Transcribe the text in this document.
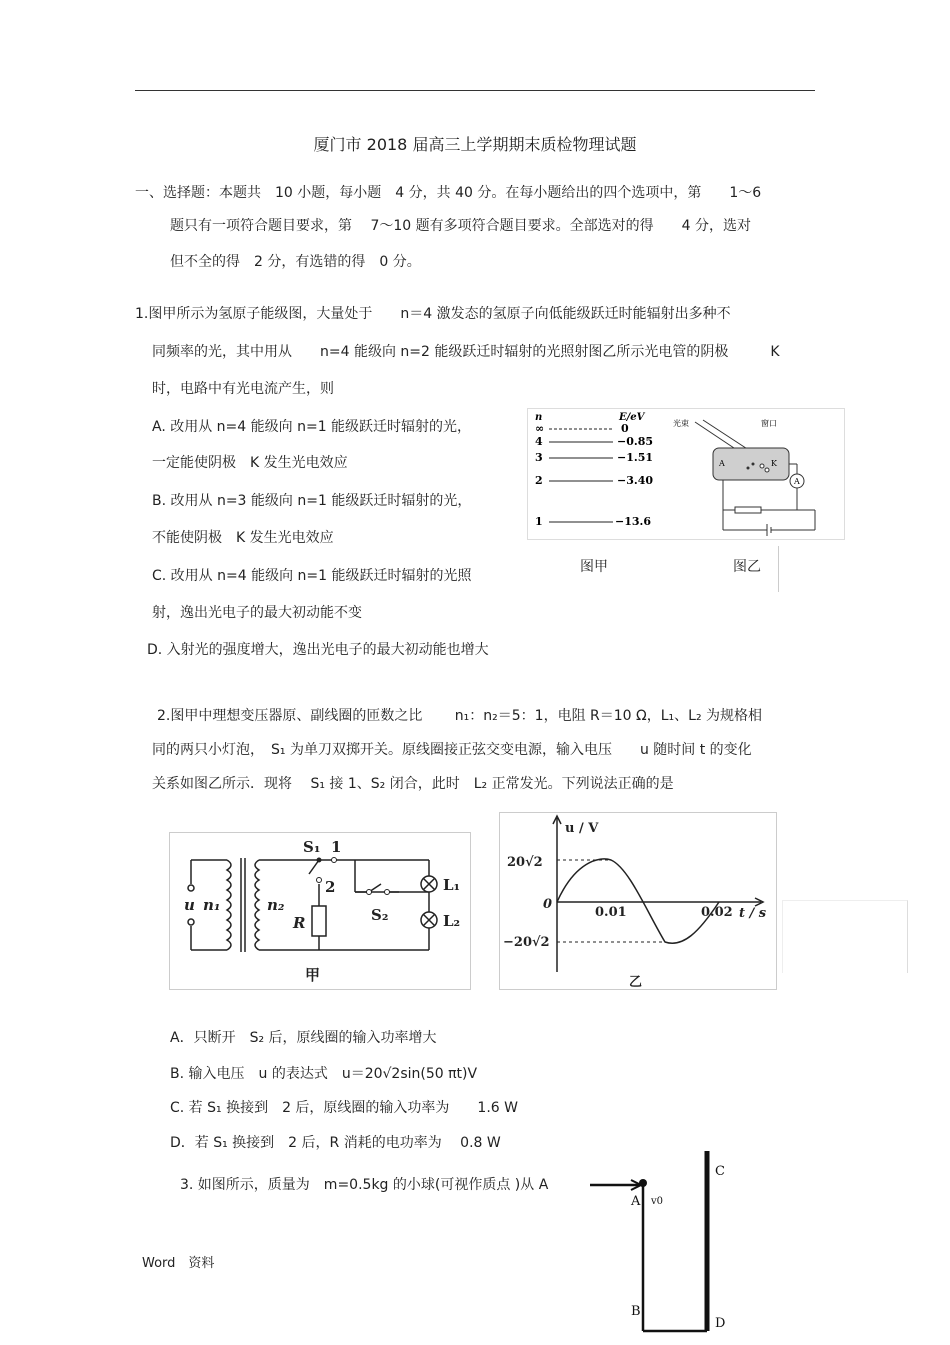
厦门市 2018 届高三上学期期末质检物理试题
一、选择题：本题共　10 小题，每小题　4 分，共 40 分。在每小题给出的四个选项中，第　　1～6
题只有一项符合题目要求，第　 7～10 题有多项符合题目要求。全部选对的得　　4 分，选对
但不全的得　2 分，有选错的得　0 分。
1.图甲所示为氢原子能级图，大量处于　　n＝4 激发态的氢原子向低能级跃迁时能辐射出多种不
同频率的光，其中用从　　n=4 能级向 n=2 能级跃迁时辐射的光照射图乙所示光电管的阴极　　　K
时，电路中有光电流产生，则
A. 改用从 n=4 能级向 n=1 能级跃迁时辐射的光，
一定能使阴极　K 发生光电效应
B. 改用从 n=3 能级向 n=1 能级跃迁时辐射的光，
不能使阴极　K 发生光电效应
C. 改用从 n=4 能级向 n=1 能级跃迁时辐射的光照
射，逸出光电子的最大初动能不变
D. 入射光的强度增大，逸出光电子的最大初动能也增大
n	E/eV
∞	0
4	−0.85
3	−1.51
2	−3.40
1	−13.6
光束	窗口
A	K
A
图甲	图乙
2.图甲中理想变压器原、副线圈的匝数之比　　 n₁：n₂＝5：1，电阻 R＝10 Ω，L₁、L₂ 为规格相
同的两只小灯泡，　S₁ 为单刀双掷开关。原线圈接正弦交变电源，输入电压　　u 随时间 t 的变化
关系如图乙所示．现将　 S₁ 接 1、S₂ 闭合，此时　L₂ 正常发光。下列说法正确的是
S₁ 1
2
u n₁	n₂
R	S₂
L₁
L₂
甲
u / V
t / s
20√2
−20√2
0
0.01	0.02
乙
A．只断开　S₂ 后，原线圈的输入功率增大
B. 输入电压　u 的表达式　u＝20√2sin(50 πt)V
C. 若 S₁ 换接到　2 后，原线圈的输入功率为　　1.6 W
D．若 S₁ 换接到　2 后，R 消耗的电功率为　 0.8 W
3. 如图所示，质量为　m=0.5kg 的小球(可视作质点 )从 A
A v0
B
C
D
Word　资料
